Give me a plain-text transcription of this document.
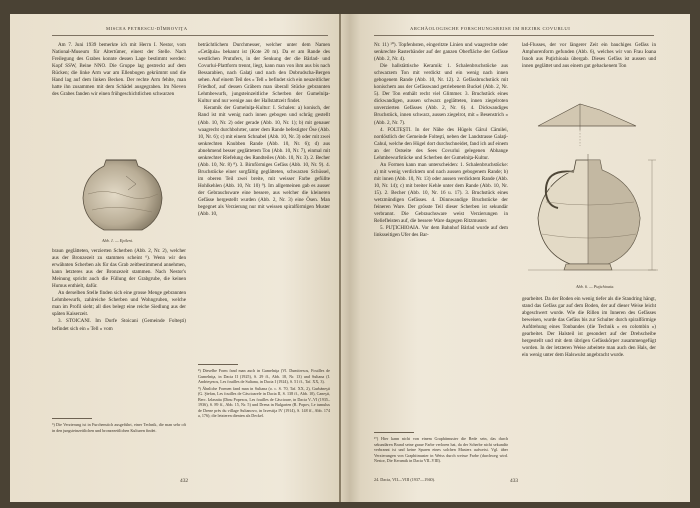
MISCEA PETRESCU-DÎMBOVIŢA

Am 7. Juni 1939 bemerkte ich mit Herrn I. Nestor, vom National-Museum für Altertümer, einest der Stelle. Nach Freilegung des Grabes konnte dessen Lage bestimmt werden: Kopf SSW, Beine NNO. Die Gruppe lag gestreckt auf dem Rücken; die linke Arm war am Ellenbogen gekrümmt und die Hand lag auf dem linken Becken. Der rechte Arm fehlte, man hatte ihn zusammen mit dem Schädel ausgegraben. Im Nieven des Grabes fanden wir einen frühgeschichtlichen schwarzen

Abb. 1. — Epileni.

braun geglätteten, verzierten Scherben (Abb. 2, Nr. 2), welcher aus der Bronzezeit zu stammen scheint ⁶). Wenn wir den erwähnten Scherben als für das Grab zeitbestimmend annehmen, kann letzteres aus der Bronzezeit stammen. Nach Nestor's Meinung spricht auch die Füllung der Grabgrube, die keinen Humus enthielt, dafür.

An derselben Stelle finden sich eine grosse Menge gebrannten Lehmbewurfs, zahlreiche Scherben und Wohngruben, welche man im Profil sieht; all dies belegt eine reiche Siedlung aus der späten Kaiserzeit.

3. STOICANI. Im Dorfe Stoicani (Gemeinde Folteşti) befindet sich ein « Tell » vom

⁶) Die Verzierung ist in Furchenstich ausgeführt, einer Technik, die man sehr oft in den jungsteinzeitlichen und bronzezeitlichen Kulturen findet.

beträchtlichem Durchmesser, welcher unter dem Namen «Cetăţuia» bekannt ist (Kote 20 m). Da er am Rande des westlichen Prutufers, in der Senkung der die Bârlad- und Covurlui-Plattform trennt, liegt, kann man von ihm aus bis nach Bessarabien, nach Galaţi und nach den Dobrudscha-Bergen sehen. Auf einem Teil des « Tell » befindet sich ein neuzeitlicher Friedhof, auf dessen Gräbern man überall Stücke gebrannten Lehmbewurfs, jungsteinzeitliche Scherben der Gumelniţa-Kultur und nur wenige aus der Hallstattzeit findet.

Keramik der Gumelniţa-Kultur: I. Schalen: a) konisch, der Rand ist mit wenig nach innen gebogen und schräg gestellt (Abb. 10, Nr. 2) oder gerade (Abb. 10, Nr. 1); b) mit genauer waagrecht durchbohrter, unter dem Rande befestigter Öse (Abb. 10, Nr. 6); c) mit einem Schnabel (Abb. 10, Nr. 3) oder mit zwei senkrechten Knubben Rande (Abb. 10, Nr. 6); d) aus abnehmend besser geglättetem Ton (Abb. 10, Nr. 7), einmal mit senkrechter Riefelung des Randteiles (Abb. 10, Nr. 3). 2. Becher (Abb. 10, Nr. 8) ⁸). 3. Birnförmiges Gefäss (Abb. 10, Nr. 9). 4. Bruchstücke einer sorgfältig geglätteten, schwarzen Schüssel, im oberen Teil zwei breite, mit weisser Farbe gefüllte Hohlkehlen (Abb. 10, Nr. 10) ⁹). Im allgemeinen gab es ausser der Gebrauchsware eine bessere, aus welcher die kleineren Gefässe hergestellt wurden (Abb. 2, Nr. 3) eine Ösen. Man begegnet als Verzierung nur mit weissen spiralförmigen Muster (Abb. 10,

⁸) Dieselbe Form fand man auch in Gumelniţa (Vl. Dumitrescu, Fouilles de Gumelniţa, in Dacia II (1925), S. 29 ff., Abb. 18, Nr. 13) und Sultana (I. Andrieşescu, Les fouilles de Sultana, in Dacia I (1924), S. 51 ff., Taf. XX, 3).

⁹) Ähnliche Formen fand man in Sultana (o. c. S. 70, Taf. XX, 2), Gurbăneşti (G. Ştefan, Les fouilles de Căscioarele in Dacia II, S. 138 ff., Abb. 10), Caneşti, Berc. Izlasnita (Dinu Popescu, Les fouilles de Căscioare, in Dacia V–VI (1935–1936), S. 89 ff., Abb. 15, Nr. 5) und Drena in Bulgarien (R. Popov, Le tumulus de Drene près du village Sultanovo, in Izvestija IV (1914), S. 148 ff., Abb. 174 a, 176); die letzteren dienten als Deckel.

432
ARCHÄOLOGISCHE FORSCHUNGSREISE IM BEZIRK COVURLUI

Nr. 11) ¹⁰). Topfenhsten, eingeritzte Linien und waagrechte oder senkrechte Rasterbänder auf der ganzen Oberfläche der Gefässe (Abb. 2, Nr. 4).

Die hallstättische Keramik: 1. Schalenbruchstücke aus schwarzem Ton mit verdickt und ein wenig nach innen gebogenem Rande (Abb. 10, Nr. 12). 2. Gefässbruchstück mit konischem aus der Gefässwand getriebenem Buckel (Abb. 2, Nr. 5). Der Ton enthält recht viel Glimmer. 3. Bruchstück eines dickwandigen, aussen schwarz geglätteten, innen ziegelroten unverzierten Gefässes (Abb. 2, Nr. 6). 4. Dickwandiges Bruchstück, innen schwarz, aussen ziegelrot, mit « Besenstrich » (Abb. 2, Nr. 7).

4. FOLTEŞTI. In der Nähe des Hügels Gârul Cămilei, nordöstlich der Gemeinde Folteşti, neben der Landstrasse Galaţi-Cahul, welche den Hügel dort durchschneidet, fand ich auf einem an der Ostseite des Sees Covurlui gelegenen Abhange Lehmbewurfstücke und Scherben der Gumelniţa-Kultur.

An Formen kann man unterscheiden: 1. Schalenbruchstücke: a) mit wenig verdicktem und nach aussen gebogenem Rande; b) mit innen (Abb. 10, Nr. 13) oder aussen verdicktem Rande (Abb. 10, Nr. 14); c) mit breiter Kehle unter dem Rande (Abb. 10, Nr. 15). 2. Becher (Abb. 10, Nr. 16 u. 17). 3. Bruchstück eines wetzmündigen Gefässes. 4. Dünnwandige Bruchstücke der feineren Ware. Der grösste Teil dieser Scherben ist sekundär verbrannt. Die Gebrauchsware weist Verzierungen in Reliefleisten auf, die bessere Ware dagegen Ritzmuster.

5. PUŢICHIOAIA. Vor dem Bahnhof Bârlad wurde auf dem linksseitigen Ufer des Bar-

¹⁰) Hier kann nicht von einem Graphitmuster die Rede sein, das durch sekundären Brand seine graue Farbe verloren hat, da der Scherbe nicht sekundär verbrannt ist und keine Spuren eines solchen Musters aufweist. Vgl. über Verzierungen von Graphitmuster in Weiss durch weisse Farbe (durchweg wird. Nestor, Die Keramik in Dacia VII–VIII).

lad-Flusses, der vor längerer Zeit ein bauchiges Gefäss in Amphorenform gefunden (Abb. 6), welches wir von Frau Ioana Isnoh aus Puţichioaia übergab. Dieses Gefäss ist aussen und innen geglättet und aus einem gut gebackenem Ton

Abb. 6. — Puţichioaia.

gearbeitet. Da der Boden ein wenig tiefer als die Standring hängt, stand das Gefäss gar auf dem Boden, der auf dieser Weise leicht abgeschwert wurde. Wie die Rillen im Inneren des Gefässes beweisen, wurde das Gefäss bis zur Schulter durch spiralförmige Aufdrehung eines Tonbandes (die Technik « en colombin ») gearbeitet. Der Halsteil ist gesondert auf der Drehscheibe hergestellt und mit dem übrigen Gefässkörper zusammengefügt worden. In der letzteren Weise arbeitete man auch den Hals, der ein wenig unter dem Halswulst angebracht wurde.

24. Dacia, VII—VIII (1937—1940).	433
